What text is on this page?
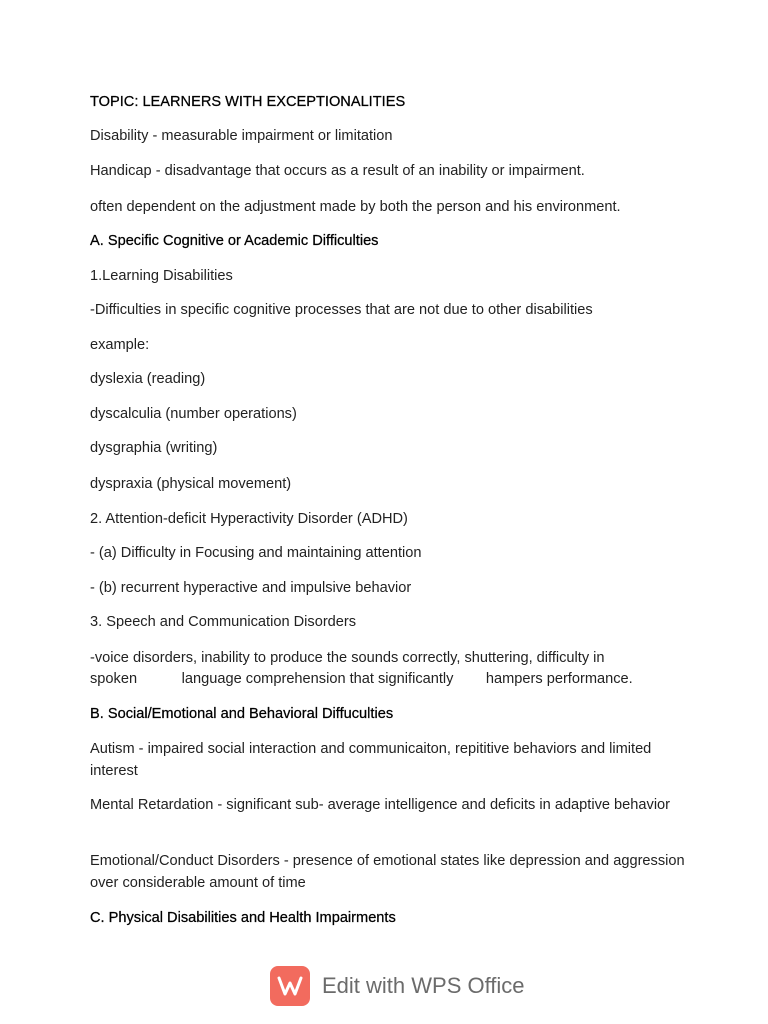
TOPIC: LEARNERS WITH EXCEPTIONALITIES
Disability - measurable impairment or limitation
Handicap - disadvantage that occurs as a result of an inability or impairment.
often dependent on the adjustment made by both the person and his environment.
A. Specific Cognitive or Academic Difficulties
1.Learning Disabilities
-Difficulties in specific cognitive processes that are not due to other disabilities
example:
dyslexia (reading)
dyscalculia (number operations)
dysgraphia (writing)
dyspraxia (physical movement)
2. Attention-deficit Hyperactivity Disorder (ADHD)
- (a) Difficulty in Focusing and maintaining attention
- (b) recurrent hyperactive and impulsive behavior
3. Speech and Communication Disorders
-voice disorders, inability to produce the sounds correctly, shuttering, difficulty in
spoken           language comprehension that significantly        hampers performance.
B. Social/Emotional and Behavioral Diffuculties
Autism - impaired social interaction and communicaiton, repititive behaviors and limited interest
Mental Retardation - significant sub- average intelligence and deficits in adaptive behavior
Emotional/Conduct Disorders - presence of emotional states like depression and aggression over considerable amount of time
C. Physical Disabilities and Health Impairments
Edit with WPS Office
